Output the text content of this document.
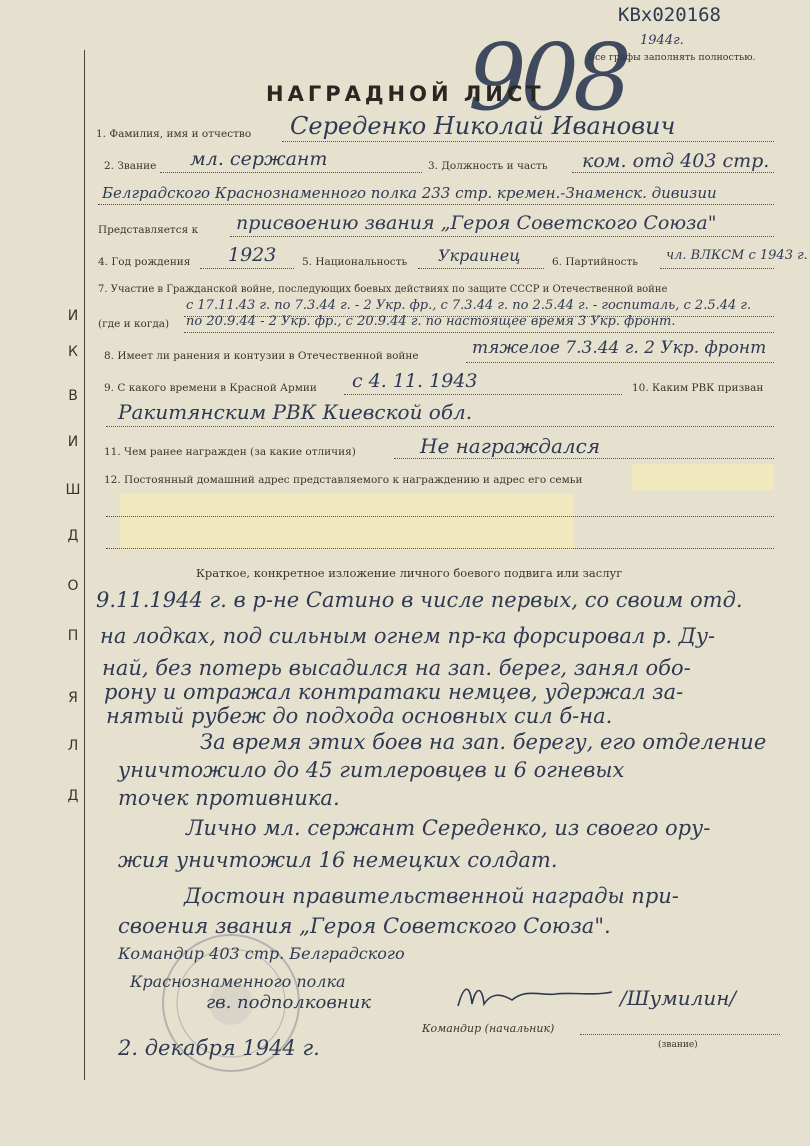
КВх020168
1944г.
Все графы заполнять полностью.
908
НАГРАДНОЙ ЛИСТ
Д
Л
Я
П
О
Д
Ш
И
В
К
И
1. Фамилия, имя и отчество Середенко Николай Иванович
2. Звание мл. сержант	3. Должность и часть ком. отд 403 стр.
Белградского Краснознаменного полка 233 стр. кремен.-Знаменск. дивизии
Представляется к присвоению звания „Героя Советского Союза"
4. Год рождения 1923 5. Национальность Украинец	6. Партийность чл. ВЛКСМ с 1943 г.
7. Участие в Гражданской войне, последующих боевых действиях по защите СССР и Отечественной войне
с 17.11.43 г. по 7.3.44 г. - 2 Укр. фр., с 7.3.44 г. по 2.5.44 г. - госпиталь, с 2.5.44 г.
(где и когда) по 20.9.44 - 2 Укр. фр., с 20.9.44 г. по настоящее время 3 Укр. фронт.
8. Имеет ли ранения и контузии в Отечественной войне	тяжелое 7.3.44 г. 2 Укр. фронт
9. С какого времени в Красной Армии с 4. 11. 1943	10. Каким РВК призван
Ракитянским РВК Киевской обл.
11. Чем ранее награжден (за какие отличия)	Не награждался
12. Постоянный домашний адрес представляемого к награждению и адрес его семьи
Краткое, конкретное изложение личного боевого подвига или заслуг
9.11.1944 г. в р-не Сатино в числе первых, со своим отд.
на лодках, под сильным огнем пр-ка форсировал р. Ду-
най, без потерь высадился на зап. берег, занял обо-
рону и отражал контратаки немцев, удержал за-
нятый рубеж до подхода основных сил б-на.
За время этих боев на зап. берегу, его отделение
уничтожило до 45 гитлеровцев и 6 огневых
точек противника.
Лично мл. сержант Середенко, из своего ору-
жия уничтожил 16 немецких солдат.
Достоин правительственной награды при-
своения звания „Героя Советского Союза".
Командир 403 стр. Белградского
Краснознаменного полка
гв. подполковник	/Шумилин/
Командир (начальник)
(звание)
2. декабря 1944 г.
